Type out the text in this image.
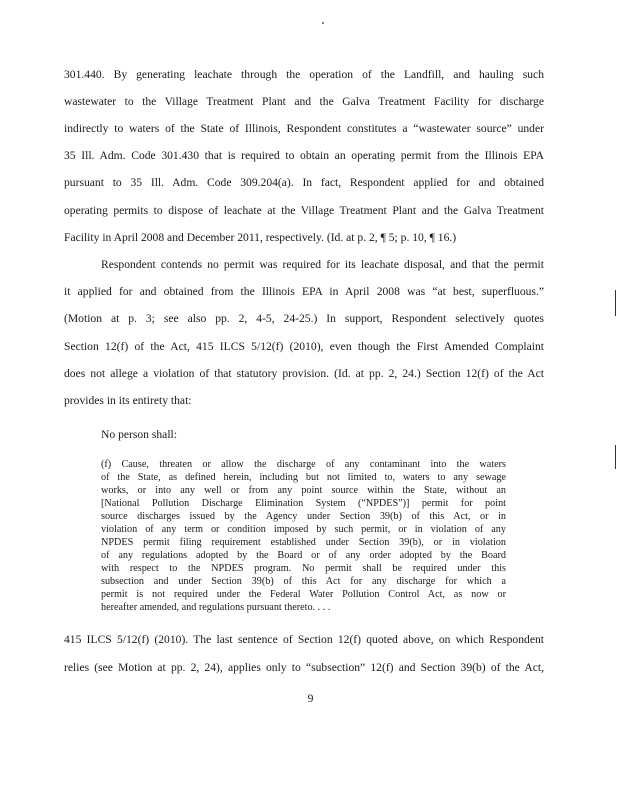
301.440. By generating leachate through the operation of the Landfill, and hauling such
wastewater to the Village Treatment Plant and the Galva Treatment Facility for discharge
indirectly to waters of the State of Illinois, Respondent constitutes a “wastewater source” under
35 Ill. Adm. Code 301.430 that is required to obtain an operating permit from the Illinois EPA
pursuant to 35 Ill. Adm. Code 309.204(a). In fact, Respondent applied for and obtained
operating permits to dispose of leachate at the Village Treatment Plant and the Galva Treatment
Facility in April 2008 and December 2011, respectively. (Id. at p. 2, ¶ 5; p. 10, ¶ 16.)
Respondent contends no permit was required for its leachate disposal, and that the permit
it applied for and obtained from the Illinois EPA in April 2008 was “at best, superfluous.”
(Motion at p. 3; see also pp. 2, 4-5, 24-25.) In support, Respondent selectively quotes
Section 12(f) of the Act, 415 ILCS 5/12(f) (2010), even though the First Amended Complaint
does not allege a violation of that statutory provision. (Id. at pp. 2, 24.) Section 12(f) of the Act
provides in its entirety that:
No person shall:
(f) Cause, threaten or allow the discharge of any contaminant into the waters
of the State, as defined herein, including but not limited to, waters to any sewage
works, or into any well or from any point source within the State, without an
[National Pollution Discharge Elimination System (“NPDES”)] permit for point
source discharges issued by the Agency under Section 39(b) of this Act, or in
violation of any term or condition imposed by such permit, or in violation of any
NPDES permit filing requirement established under Section 39(b), or in violation
of any regulations adopted by the Board or of any order adopted by the Board
with respect to the NPDES program. No permit shall be required under this
subsection and under Section 39(b) of this Act for any discharge for which a
permit is not required under the Federal Water Pollution Control Act, as now or
hereafter amended, and regulations pursuant thereto. . . .
415 ILCS 5/12(f) (2010). The last sentence of Section 12(f) quoted above, on which Respondent
relies (see Motion at pp. 2, 24), applies only to “subsection” 12(f) and Section 39(b) of the Act,
9
